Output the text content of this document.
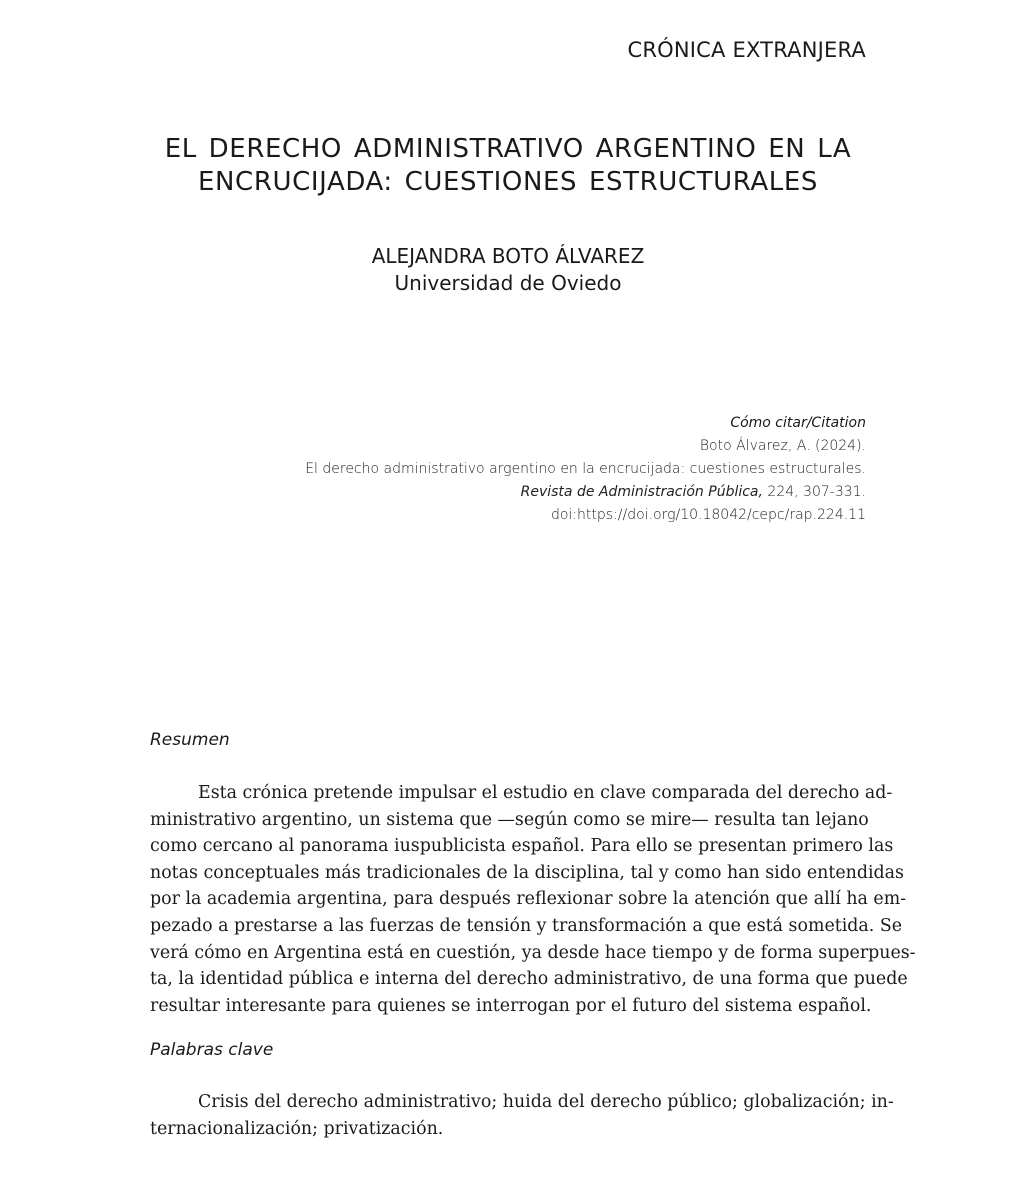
CRÓNICA EXTRANJERA
EL DERECHO ADMINISTRATIVO ARGENTINO EN LA
ENCRUCIJADA: CUESTIONES ESTRUCTURALES
ALEJANDRA BOTO ÁLVAREZ
Universidad de Oviedo
Cómo citar/Citation
Boto Álvarez, A. (2024).
El derecho administrativo argentino en la encrucijada: cuestiones estructurales.
Revista de Administración Pública, 224, 307-331.
doi:https://doi.org/10.18042/cepc/rap.224.11
Resumen
Esta crónica pretende impulsar el estudio en clave comparada del derecho ad-
ministrativo argentino, un sistema que —según como se mire— resulta tan lejano
como cercano al panorama iuspublicista español. Para ello se presentan primero las
notas conceptuales más tradicionales de la disciplina, tal y como han sido entendidas
por la academia argentina, para después reflexionar sobre la atención que allí ha em-
pezado a prestarse a las fuerzas de tensión y transformación a que está sometida. Se
verá cómo en Argentina está en cuestión, ya desde hace tiempo y de forma superpues-
ta, la identidad pública e interna del derecho administrativo, de una forma que puede
resultar interesante para quienes se interrogan por el futuro del sistema español.
Palabras clave
Crisis del derecho administrativo; huida del derecho público; globalización; in-
ternacionalización; privatización.
